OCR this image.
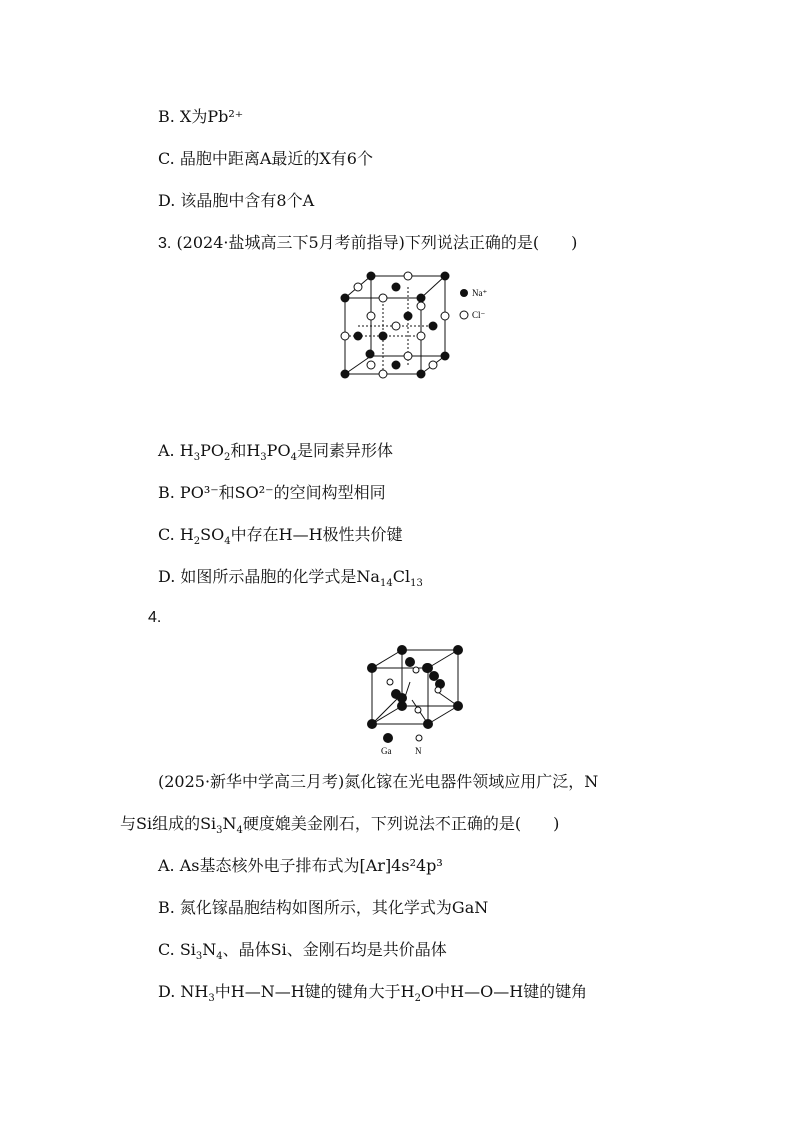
B. X为Pb²⁺
C. 晶胞中距离A最近的X有6个
D. 该晶胞中含有8个A
3. (2024·盐城高三下5月考前指导)下列说法正确的是(　　)
Na⁺
Cl⁻
A. $H_3PO_2$和$H_3PO_4$是同素异形体
B. PO³⁻和SO²⁻的空间构型相同
C. $H_2SO_4$中存在H—H极性共价键
D. 如图所示晶胞的化学式是$Na_{14}Cl_{13}$
4.
Ga	N
(2025·新华中学高三月考)氮化镓在光电器件领域应用广泛，N
与Si组成的$Si_3N_4$硬度媲美金刚石，下列说法不正确的是(　　)
A. As基态核外电子排布式为[Ar]4s²4p³
B. 氮化镓晶胞结构如图所示，其化学式为GaN
C. $Si_3N_4$、晶体Si、金刚石均是共价晶体
D. $NH_3$中H—N—H键的键角大于$H_2O$中H—O—H键的键角
